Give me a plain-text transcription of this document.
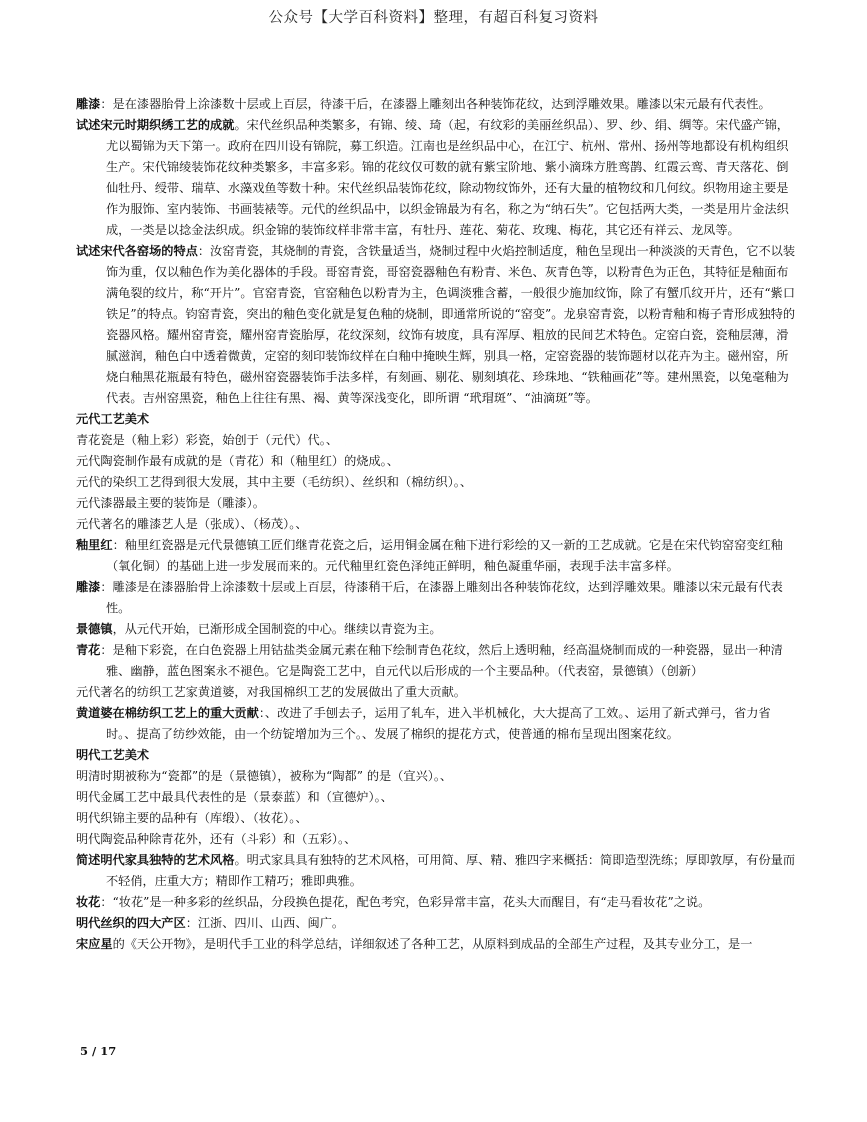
公众号【大学百科资料】整理，有超百科复习资料

雕漆：是在漆器胎骨上涂漆数十层或上百层，待漆干后，在漆器上雕刻出各种装饰花纹，达到浮雕效果。雕漆以宋元最有代表性。

试述宋元时期织绣工艺的成就。宋代丝织品种类繁多，有锦、绫、琦（起，有纹彩的美丽丝织品）、罗、纱、绢、绸等。宋代盛产锦，尤以蜀锦为天下第一。政府在四川设有锦院，募工织造。江南也是丝织品中心，在江宁、杭州、常州、扬州等地都设有机构组织生产。宋代锦绫装饰花纹种类繁多，丰富多彩。锦的花纹仅可数的就有紫宝阶地、紫小滴珠方胜鸾鹊、红霞云鸾、青天落花、倒仙牡丹、绶带、瑞草、水藻戏鱼等数十种。宋代丝织品装饰花纹，除动物纹饰外，还有大量的植物纹和几何纹。织物用途主要是作为服饰、室内装饰、书画装裱等。元代的丝织品中，以织金锦最为有名，称之为“纳石失”。它包括两大类，一类是用片金法织成，一类是以捻金法织成。织金锦的装饰纹样非常丰富，有牡丹、莲花、菊花、玫瑰、梅花，其它还有祥云、龙凤等。

试述宋代各窑场的特点：汝窑青瓷，其烧制的青瓷，含铁量适当，烧制过程中火焰控制适度，釉色呈现出一种淡淡的天青色，它不以装饰为重，仅以釉色作为美化器体的手段。哥窑青瓷，哥窑瓷器釉色有粉青、米色、灰青色等，以粉青色为正色，其特征是釉面布满龟裂的纹片，称“开片”。官窑青瓷，官窑釉色以粉青为主，色调淡雅含蓄，一般很少施加纹饰，除了有蟹爪纹开片，还有“紫口铁足”的特点。钧窑青瓷，突出的釉色变化就是复色釉的烧制，即通常所说的“窑变”。龙泉窑青瓷，以粉青釉和梅子青形成独特的瓷器风格。耀州窑青瓷，耀州窑青瓷胎厚，花纹深刻，纹饰有坡度，具有浑厚、粗放的民间艺术特色。定窑白瓷，瓷釉层薄，滑腻滋润，釉色白中透着微黄，定窑的刻印装饰纹样在白釉中掩映生辉，别具一格，定窑瓷器的装饰题材以花卉为主。磁州窑，所烧白釉黑花瓶最有特色，磁州窑瓷器装饰手法多样，有刻画、剔花、剔刻填花、珍珠地、“铁釉画花”等。建州黑瓷，以兔毫釉为代表。吉州窑黑瓷，釉色上往往有黑、褐、黄等深浅变化，即所谓 “玳瑁斑”、“油滴斑”等。

元代工艺美术

青花瓷是（釉上彩）彩瓷，始创于（元代）代。、

元代陶瓷制作最有成就的是（青花）和（釉里红）的烧成。、

元代的染织工艺得到很大发展，其中主要（毛纺织）、丝织和（棉纺织）。、

元代漆器最主要的装饰是（雕漆）。

元代著名的雕漆艺人是（张成）、（杨茂）。、

釉里红：釉里红瓷器是元代景德镇工匠们继青花瓷之后，运用铜金属在釉下进行彩绘的又一新的工艺成就。它是在宋代钧窑窑变红釉（氧化铜）的基础上进一步发展而来的。元代釉里红瓷色泽纯正鲜明，釉色凝重华丽，表现手法丰富多样。

雕漆：雕漆是在漆器胎骨上涂漆数十层或上百层，待漆稍干后，在漆器上雕刻出各种装饰花纹，达到浮雕效果。雕漆以宋元最有代表性。

景德镇，从元代开始，已渐形成全国制瓷的中心。继续以青瓷为主。

青花：是釉下彩瓷，在白色瓷器上用钴盐类金属元素在釉下绘制青色花纹，然后上透明釉，经高温烧制而成的一种瓷器，显出一种清雅、幽静，蓝色图案永不褪色。它是陶瓷工艺中，自元代以后形成的一个主要品种。（代表窑，景德镇）（创新）

元代著名的纺织工艺家黄道婆，对我国棉织工艺的发展做出了重大贡献。

黄道婆在棉纺织工艺上的重大贡献：、改进了手刨去子，运用了轧车，进入半机械化，大大提高了工效。、运用了新式弹弓，省力省时。、提高了纺纱效能，由一个纺锭增加为三个。、发展了棉织的提花方式，使普通的棉布呈现出图案花纹。

明代工艺美术

明清时期被称为“瓷都”的是（景德镇），被称为“陶都” 的是（宜兴）。、

明代金属工艺中最具代表性的是（景泰蓝）和（宣德炉）。、

明代织锦主要的品种有（库缎）、（妆花）。、

明代陶瓷品种除青花外，还有（斗彩）和（五彩）。、

简述明代家具独特的艺术风格。明式家具具有独特的艺术风格，可用简、厚、精、雅四字来概括：简即造型洗练；厚即敦厚，有份量而不轻俏，庄重大方；精即作工精巧；雅即典雅。

妆花：“妆花”是一种多彩的丝织品，分段换色提花，配色考究，色彩异常丰富，花头大而醒目，有“走马看妆花”之说。

明代丝织的四大产区：江浙、四川、山西、闽广。

宋应星的《天公开物》，是明代手工业的科学总结，详细叙述了各种工艺，从原料到成品的全部生产过程，及其专业分工，是一

5 / 17
